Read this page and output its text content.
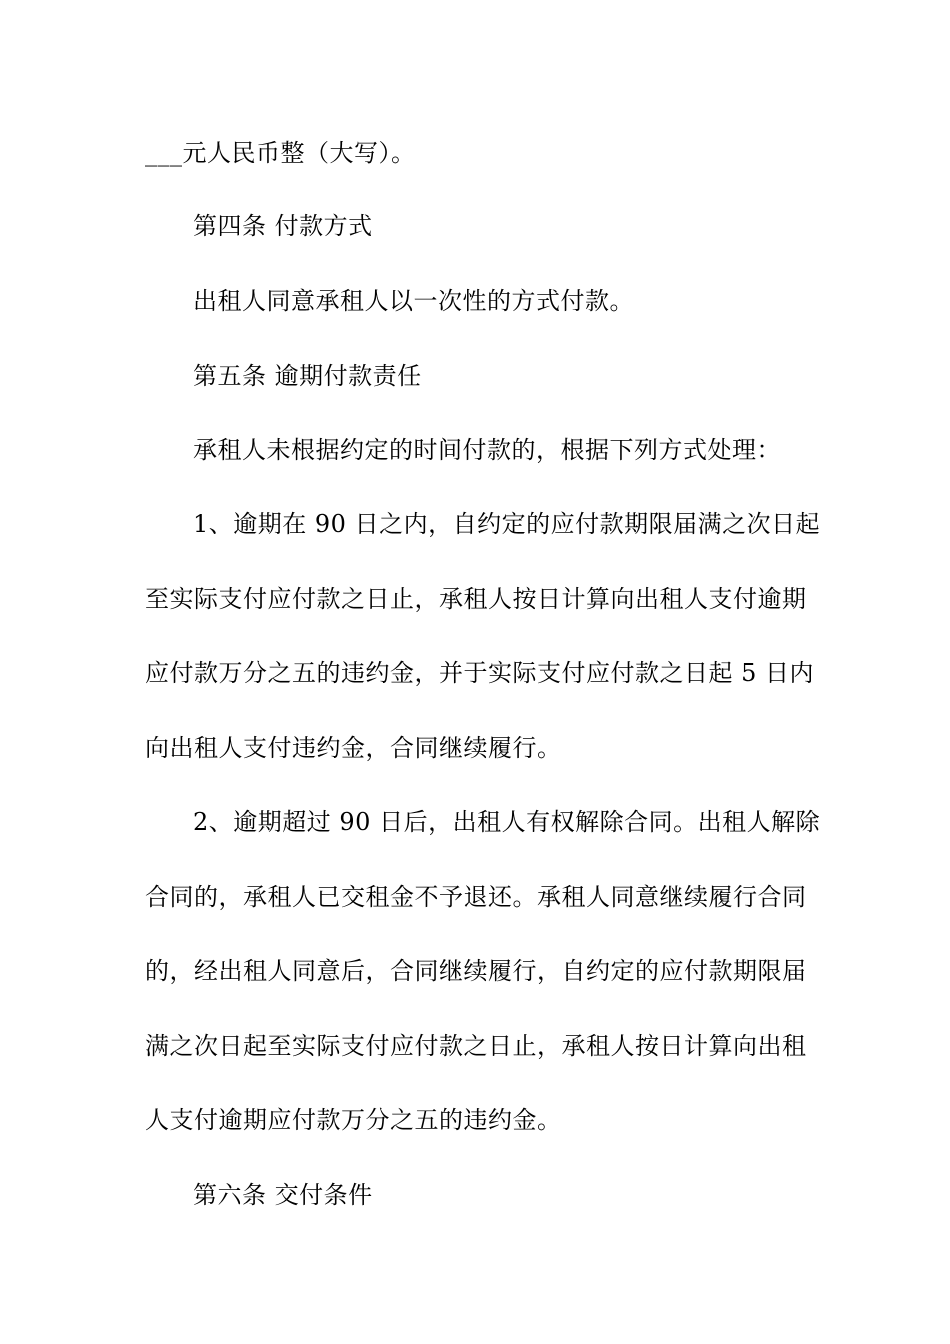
___元人民币整（大写）。
第四条 付款方式
出租人同意承租人以一次性的方式付款。
第五条 逾期付款责任
承租人未根据约定的时间付款的，根据下列方式处理：
1、逾期在 90 日之内，自约定的应付款期限届满之次日起
至实际支付应付款之日止，承租人按日计算向出租人支付逾期
应付款万分之五的违约金，并于实际支付应付款之日起 5 日内
向出租人支付违约金，合同继续履行。
2、逾期超过 90 日后，出租人有权解除合同。出租人解除
合同的，承租人已交租金不予退还。承租人同意继续履行合同
的，经出租人同意后，合同继续履行，自约定的应付款期限届
满之次日起至实际支付应付款之日止，承租人按日计算向出租
人支付逾期应付款万分之五的违约金。
第六条 交付条件
